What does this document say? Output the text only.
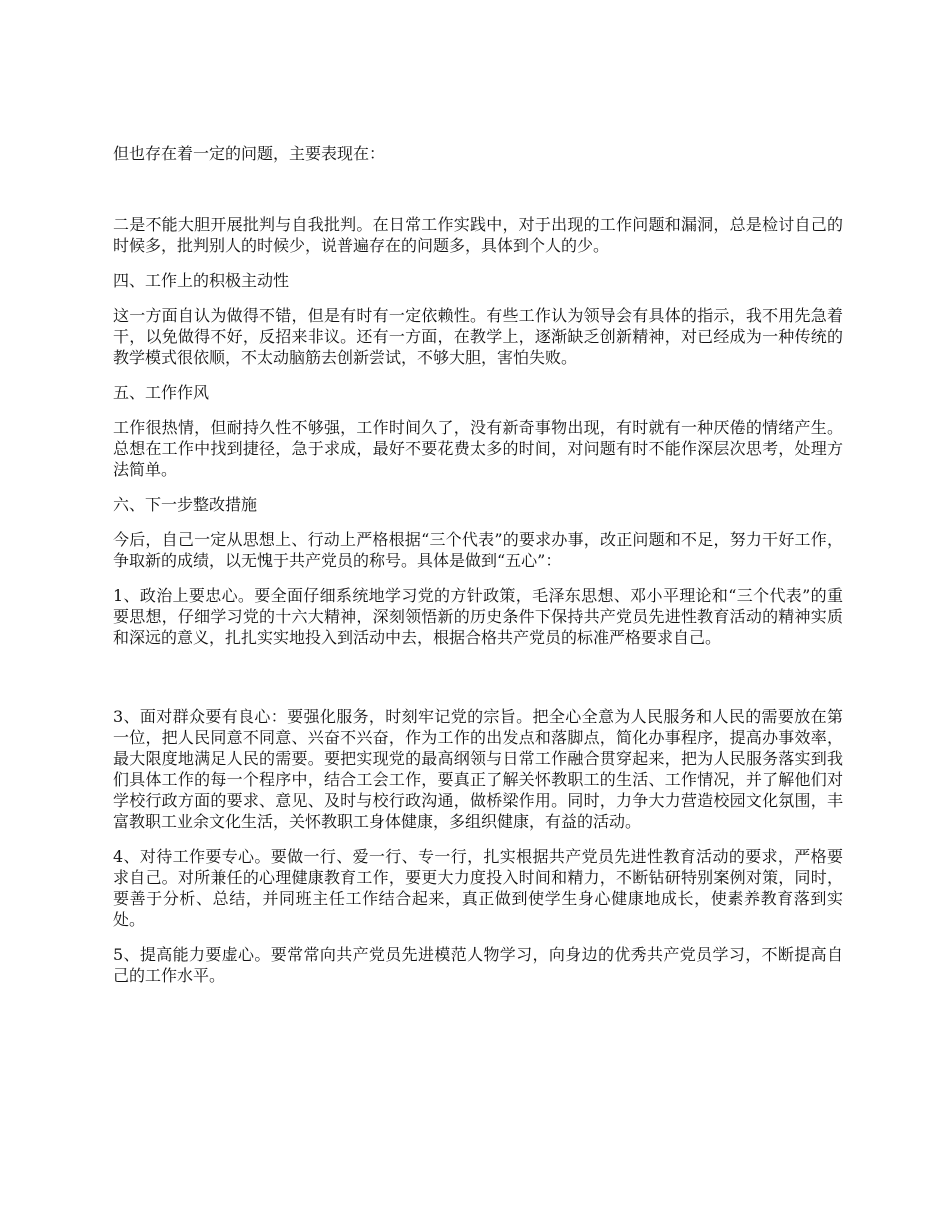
但也存在着一定的问题，主要表现在：

二是不能大胆开展批判与自我批判。在日常工作实践中，对于出现的工作问题和漏洞，总是检讨自己的时候多，批判别人的时候少，说普遍存在的问题多，具体到个人的少。

四、工作上的积极主动性

这一方面自认为做得不错，但是有时有一定依赖性。有些工作认为领导会有具体的指示，我不用先急着干，以免做得不好，反招来非议。还有一方面，在教学上，逐渐缺乏创新精神，对已经成为一种传统的教学模式很依顺，不太动脑筋去创新尝试，不够大胆，害怕失败。

五、工作作风

工作很热情，但耐持久性不够强，工作时间久了，没有新奇事物出现，有时就有一种厌倦的情绪产生。总想在工作中找到捷径，急于求成，最好不要花费太多的时间，对问题有时不能作深层次思考，处理方法简单。

六、下一步整改措施

今后，自己一定从思想上、行动上严格根据“三个代表”的要求办事，改正问题和不足，努力干好工作，争取新的成绩，以无愧于共产党员的称号。具体是做到“五心”：

1、政治上要忠心。要全面仔细系统地学习党的方针政策，毛泽东思想、邓小平理论和“三个代表”的重要思想，仔细学习党的十六大精神，深刻领悟新的历史条件下保持共产党员先进性教育活动的精神实质和深远的意义，扎扎实实地投入到活动中去，根据合格共产党员的标准严格要求自己。

3、面对群众要有良心：要强化服务，时刻牢记党的宗旨。把全心全意为人民服务和人民的需要放在第一位，把人民同意不同意、兴奋不兴奋，作为工作的出发点和落脚点，简化办事程序，提高办事效率，最大限度地满足人民的需要。要把实现党的最高纲领与日常工作融合贯穿起来，把为人民服务落实到我们具体工作的每一个程序中，结合工会工作，要真正了解关怀教职工的生活、工作情况，并了解他们对学校行政方面的要求、意见、及时与校行政沟通，做桥梁作用。同时，力争大力营造校园文化氛围，丰富教职工业余文化生活，关怀教职工身体健康，多组织健康，有益的活动。

4、对待工作要专心。要做一行、爱一行、专一行，扎实根据共产党员先进性教育活动的要求，严格要求自己。对所兼任的心理健康教育工作，要更大力度投入时间和精力，不断钻研特别案例对策，同时，要善于分析、总结，并同班主任工作结合起来，真正做到使学生身心健康地成长，使素养教育落到实处。

5、提高能力要虚心。要常常向共产党员先进模范人物学习，向身边的优秀共产党员学习，不断提高自己的工作水平。
